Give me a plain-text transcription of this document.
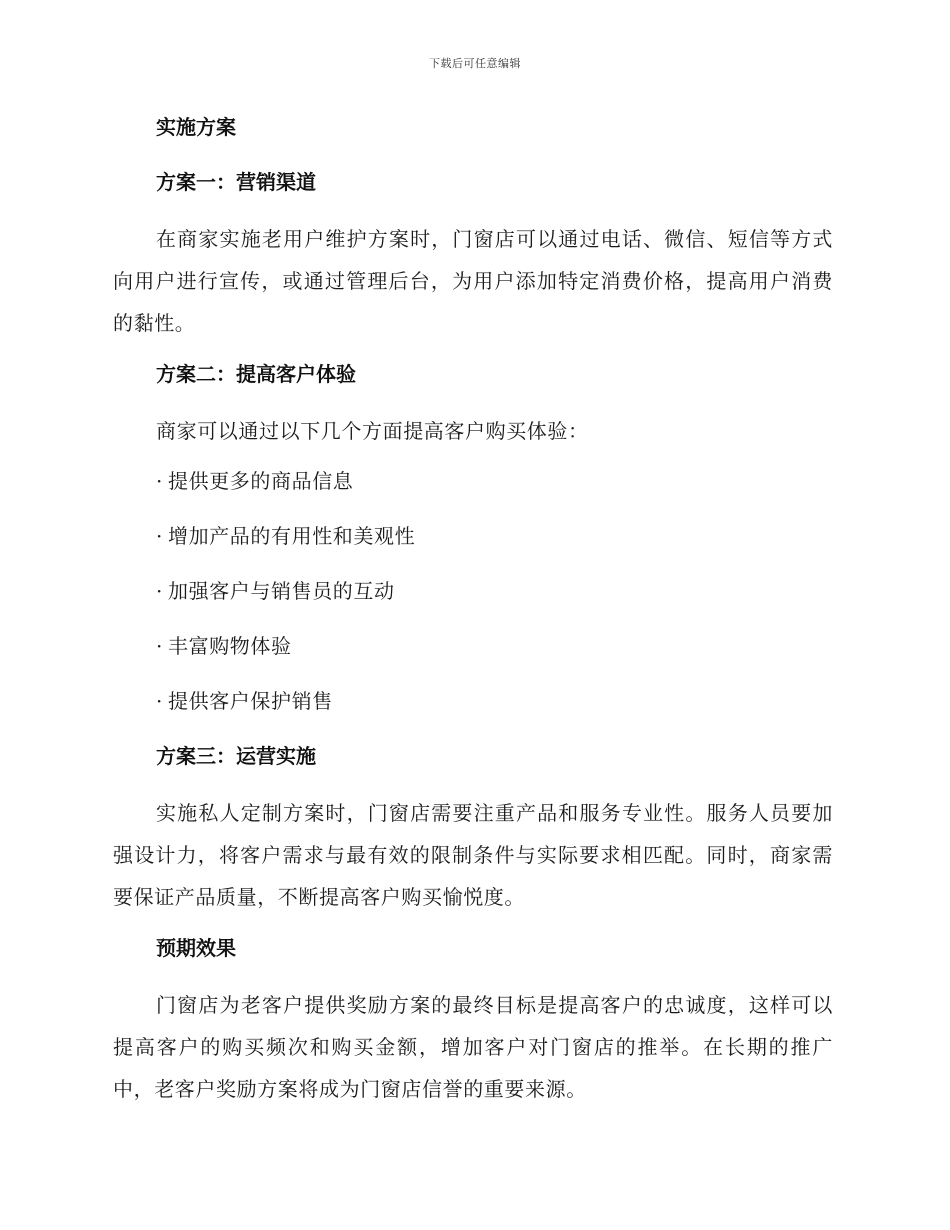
下载后可任意编辑
实施方案
方案一：营销渠道

在商家实施老用户维护方案时，门窗店可以通过电话、微信、短信等方式向用户进行宣传，或通过管理后台，为用户添加特定消费价格，提高用户消费的黏性。

方案二：提高客户体验

商家可以通过以下几个方面提高客户购买体验：

· 提供更多的商品信息
· 增加产品的有用性和美观性
· 加强客户与销售员的互动
· 丰富购物体验
· 提供客户保护销售
方案三：运营实施

实施私人定制方案时，门窗店需要注重产品和服务专业性。服务人员要加强设计力，将客户需求与最有效的限制条件与实际要求相匹配。同时，商家需要保证产品质量，不断提高客户购买愉悦度。

预期效果

门窗店为老客户提供奖励方案的最终目标是提高客户的忠诚度，这样可以提高客户的购买频次和购买金额，增加客户对门窗店的推举。在长期的推广中，老客户奖励方案将成为门窗店信誉的重要来源。
